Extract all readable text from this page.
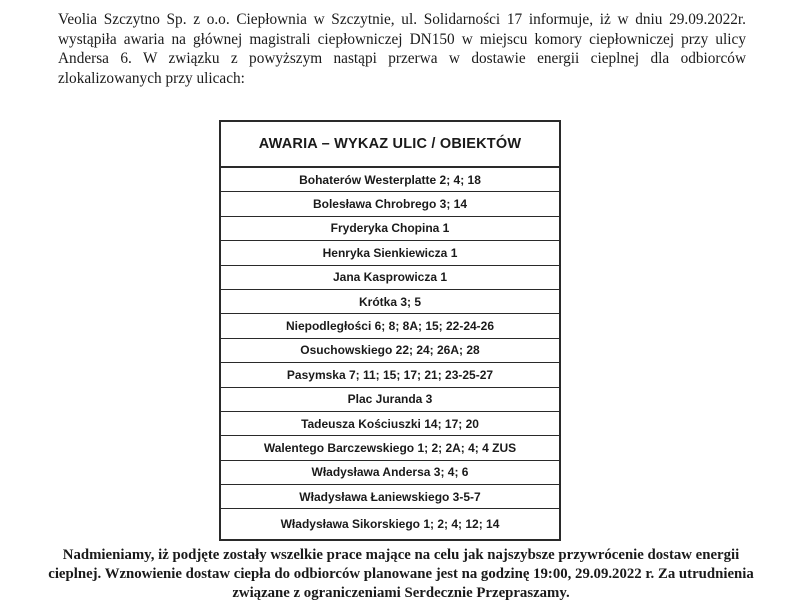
Veolia Szczytno Sp. z o.o. Ciepłownia w Szczytnie, ul. Solidarności 17 informuje, iż w dniu 29.09.2022r. wystąpiła awaria na głównej magistrali ciepłowniczej DN150 w miejscu komory ciepłowniczej przy ulicy Andersa 6. W związku z powyższym nastąpi przerwa w dostawie energii cieplnej dla odbiorców zlokalizowanych przy ulicach:

AWARIA – WYKAZ ULIC / OBIEKTÓW
Bohaterów Westerplatte 2; 4; 18
Bolesława Chrobrego 3; 14
Fryderyka Chopina 1
Henryka Sienkiewicza 1
Jana Kasprowicza 1
Krótka 3; 5
Niepodległości 6; 8; 8A; 15; 22-24-26
Osuchowskiego 22; 24; 26A; 28
Pasymska 7; 11; 15; 17; 21; 23-25-27
Plac Juranda 3
Tadeusza Kościuszki 14; 17; 20
Walentego Barczewskiego 1; 2; 2A; 4; 4 ZUS
Władysława Andersa 3; 4; 6
Władysława Łaniewskiego 3-5-7
Władysława Sikorskiego 1; 2; 4; 12; 14

Nadmieniamy, iż podjęte zostały wszelkie prace mające na celu jak najszybsze przywrócenie dostaw energii cieplnej. Wznowienie dostaw ciepła do odbiorców planowane jest na godzinę 19:00, 29.09.2022 r. Za utrudnienia związane z ograniczeniami Serdecznie Przepraszamy.
